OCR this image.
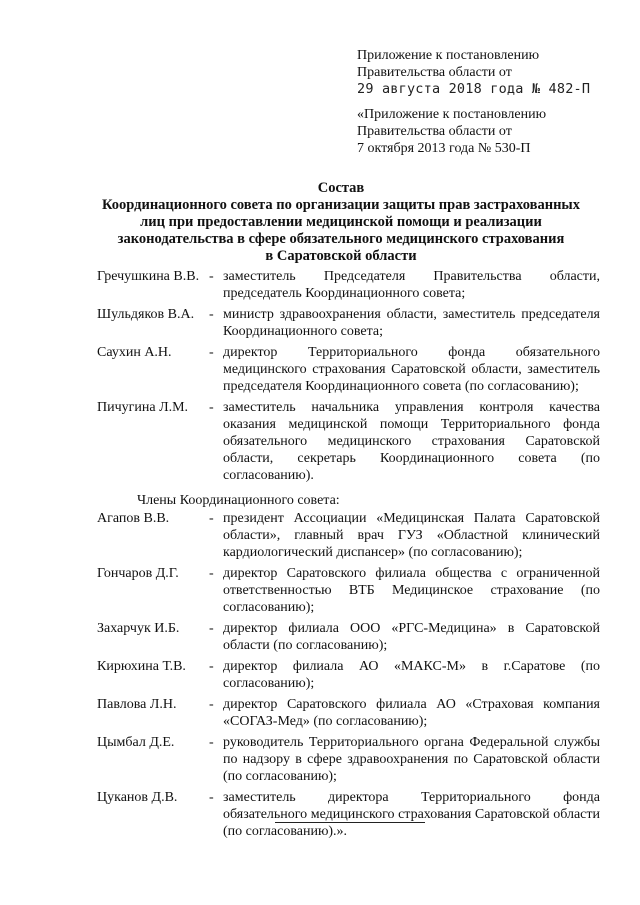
Приложение к постановлению
Правительства области от
29 августа 2018 года № 482-П
«Приложение к постановлению
Правительства области от
7 октября 2013 года № 530-П
Состав
Координационного совета по организации защиты прав застрахованных
лиц при предоставлении медицинской помощи и реализации
законодательства в сфере обязательного медицинского страхования
в Саратовской области
Гречушкина В.В. - заместитель Председателя Правительства области, председатель Координационного совета;
Шульдяков В.А.	- министр здравоохранения области, заместитель председателя Координационного совета;
Саухин А.Н.	- директор Территориального фонда обязательного медицинского страхования Саратовской области, заместитель председателя Координационного совета (по согласованию);
Пичугина Л.М.	- заместитель начальника управления контроля качества оказания медицинской помощи Территориального фонда обязательного медицинского страхования Саратовской области, секретарь Координационного совета (по согласованию).
Члены Координационного совета:
Агапов В.В.	- президент Ассоциации «Медицинская Палата Саратовской области», главный врач ГУЗ «Областной клинический кардиологический диспансер» (по согласованию);
Гончаров Д.Г.	- директор Саратовского филиала общества с ограниченной ответственностью ВТБ Медицинское страхование (по согласованию);
Захарчук И.Б.	- директор филиала ООО «РГС-Медицина» в Саратовской области (по согласованию);
Кирюхина Т.В.	- директор филиала АО «МАКС-М» в г.Саратове (по согласованию);
Павлова Л.Н.	- директор Саратовского филиала АО «Страховая компания «СОГАЗ-Мед» (по согласованию);
Цымбал Д.Е.	- руководитель Территориального органа Федеральной службы по надзору в сфере здравоохранения по Саратовской области (по согласованию);
Цуканов Д.В.	- заместитель директора Территориального фонда обязательного медицинского страхования Саратовской области (по согласованию).».
